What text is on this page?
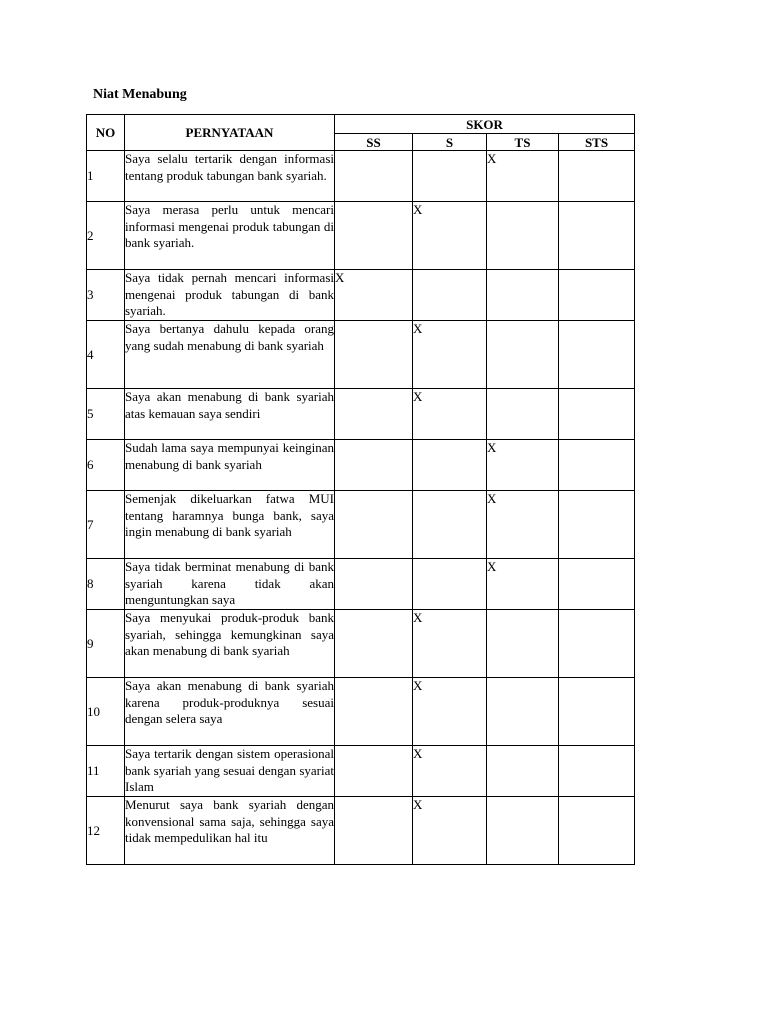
Niat Menabung
NO	PERNYATAAN	SKOR			
		SS	S	TS	STS
1	Saya selalu tertarik dengan informasi tentang produk tabungan bank syariah.			X	
2	Saya merasa perlu untuk mencari informasi mengenai produk tabungan di bank syariah.		X		
3	Saya tidak pernah mencari informasi mengenai produk tabungan di bank syariah.	X			
4	Saya bertanya dahulu kepada orang yang sudah menabung di bank syariah		X		
5	Saya akan menabung di bank syariah atas kemauan saya sendiri		X		
6	Sudah lama saya mempunyai keinginan menabung di bank syariah			X	
7	Semenjak dikeluarkan fatwa MUI tentang haramnya bunga bank, saya ingin menabung di bank syariah			X	
8	Saya tidak berminat menabung di bank syariah karena tidak akan menguntungkan saya			X	
9	Saya menyukai produk-produk bank syariah, sehingga kemungkinan saya akan menabung di bank syariah		X		
10	Saya akan menabung di bank syariah karena produk-produknya sesuai dengan selera saya		X		
11	Saya tertarik dengan sistem operasional bank syariah yang sesuai dengan syariat Islam		X		
12	Menurut saya bank syariah dengan konvensional sama saja, sehingga saya tidak mempedulikan hal itu		X		
